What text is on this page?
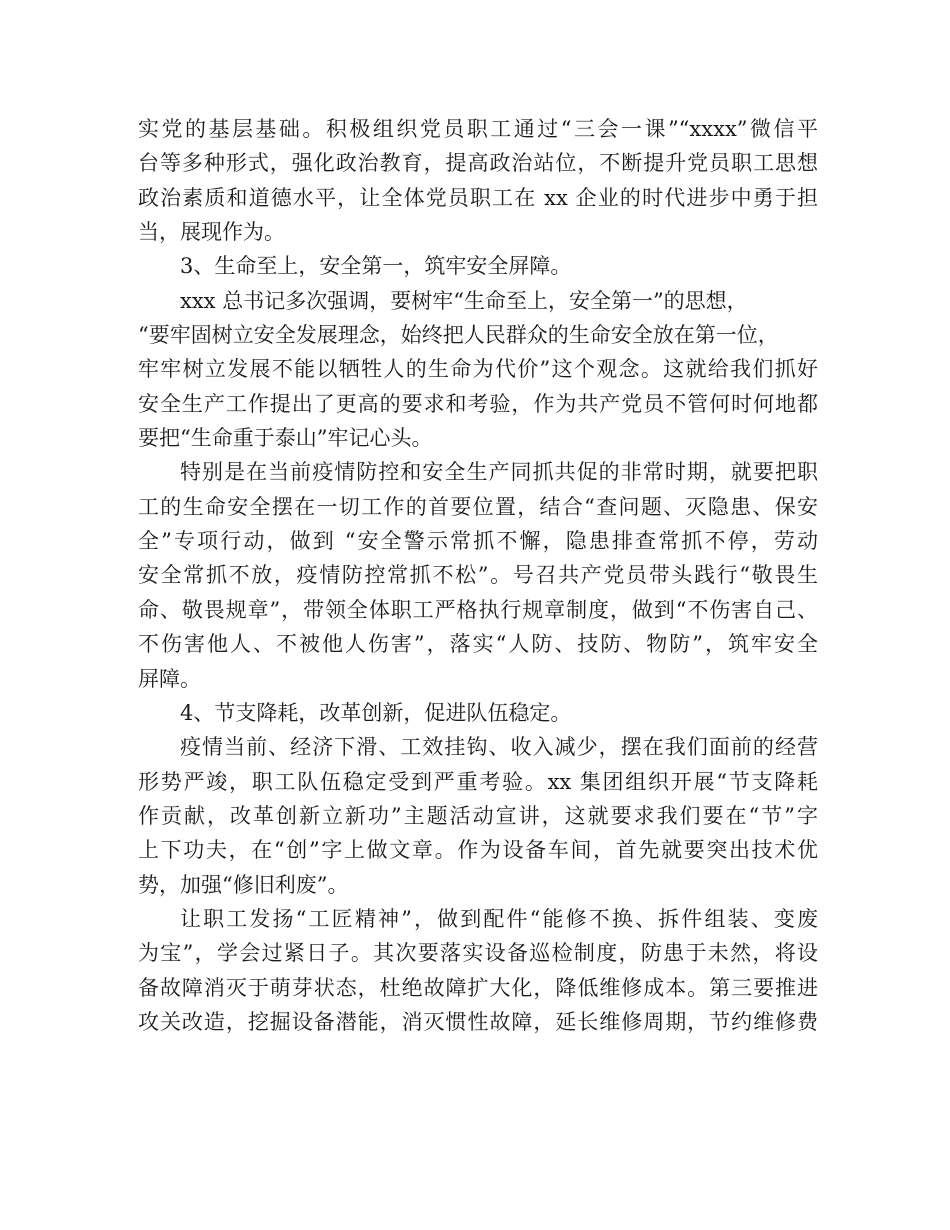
实党的基层基础。积极组织党员职工通过“三会一课”“xxxx”微信平
台等多种形式，强化政治教育，提高政治站位，不断提升党员职工思想
政治素质和道德水平，让全体党员职工在 xx 企业的时代进步中勇于担
当，展现作为。
3、生命至上，安全第一，筑牢安全屏障。
xxx 总书记多次强调，要树牢“生命至上，安全第一”的思想，
“要牢固树立安全发展理念，始终把人民群众的生命安全放在第一位，
牢牢树立发展不能以牺牲人的生命为代价”这个观念。这就给我们抓好
安全生产工作提出了更高的要求和考验，作为共产党员不管何时何地都
要把“生命重于泰山”牢记心头。
特别是在当前疫情防控和安全生产同抓共促的非常时期，就要把职
工的生命安全摆在一切工作的首要位置，结合“查问题、灭隐患、保安
全”专项行动，做到 “安全警示常抓不懈，隐患排查常抓不停，劳动
安全常抓不放，疫情防控常抓不松”。号召共产党员带头践行“敬畏生
命、敬畏规章”，带领全体职工严格执行规章制度，做到“不伤害自己、
不伤害他人、不被他人伤害”，落实“人防、技防、物防”，筑牢安全
屏障。
4、节支降耗，改革创新，促进队伍稳定。
疫情当前、经济下滑、工效挂钩、收入减少，摆在我们面前的经营
形势严竣，职工队伍稳定受到严重考验。xx 集团组织开展“节支降耗
作贡献，改革创新立新功”主题活动宣讲，这就要求我们要在“节”字
上下功夫，在“创”字上做文章。作为设备车间，首先就要突出技术优
势，加强“修旧利废”。
让职工发扬“工匠精神”，做到配件“能修不换、拆件组装、变废
为宝”，学会过紧日子。其次要落实设备巡检制度，防患于未然，将设
备故障消灭于萌芽状态，杜绝故障扩大化，降低维修成本。第三要推进
攻关改造，挖掘设备潜能，消灭惯性故障，延长维修周期，节约维修费
